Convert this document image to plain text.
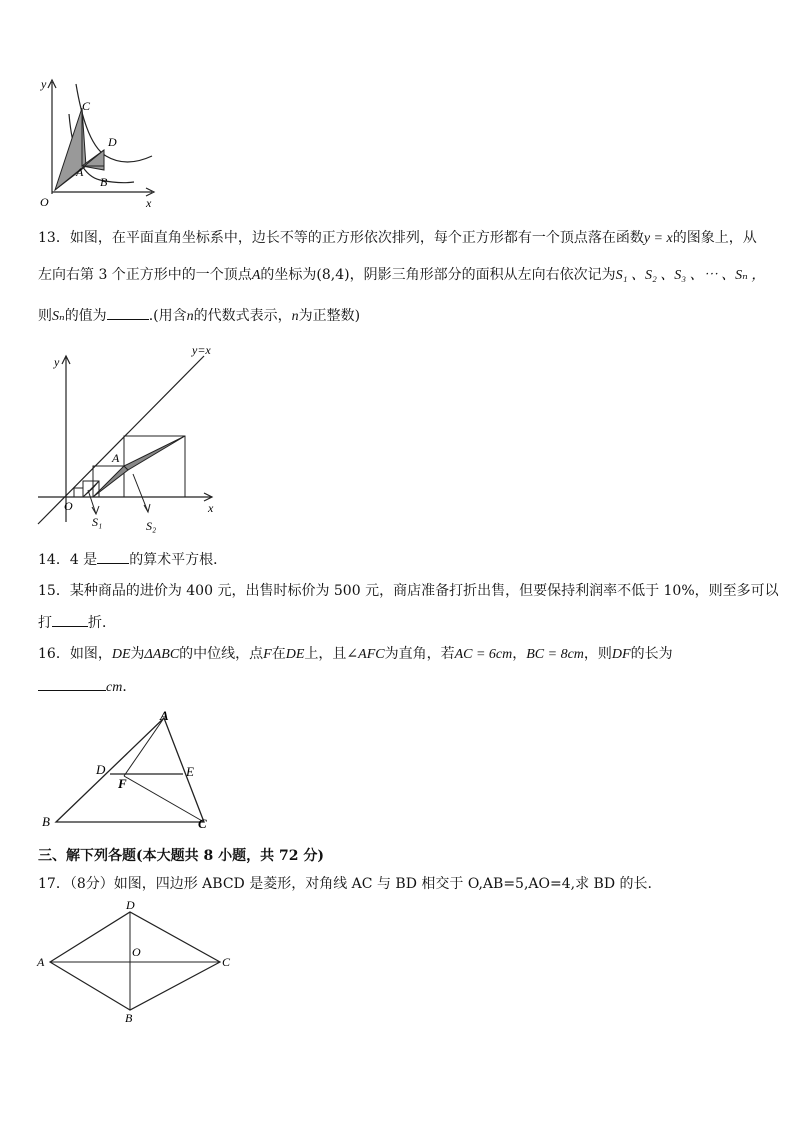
y
C
D
A
B
O	x
13．如图，在平面直角坐标系中，边长不等的正方形依次排列，每个正方形都有一个顶点落在函数y = x的图象上，从
左向右第 3 个正方形中的一个顶点A的坐标为(8,4)，阴影三角形部分的面积从左向右依次记为S₁ 、S₂ 、S₃ 、⋯ 、Sₙ ，
则Sₙ的值为	.(用含n的代数式表示，n为正整数)
y
y=x
A
O	x
S₁	S₂
14．4 是 的算术平方根．
15．某种商品的进价为 400 元，出售时标价为 500 元，商店准备打折出售，但要保持利润率不低于 10%，则至多可以
打	折．
16．如图，DE为ΔABC的中位线，点F在DE上，且∠AFC为直角，若AC = 6cm，BC = 8cm，则DF的长为
cm．
A
D
F
E
B	C
三、解下列各题(本大题共 8 小题，共 72 分)
17．（8分）如图，四边形 ABCD 是菱形，对角线 AC 与 BD 相交于 O,AB=5,AO=4,求 BD 的长.
D
A
O
C
B
